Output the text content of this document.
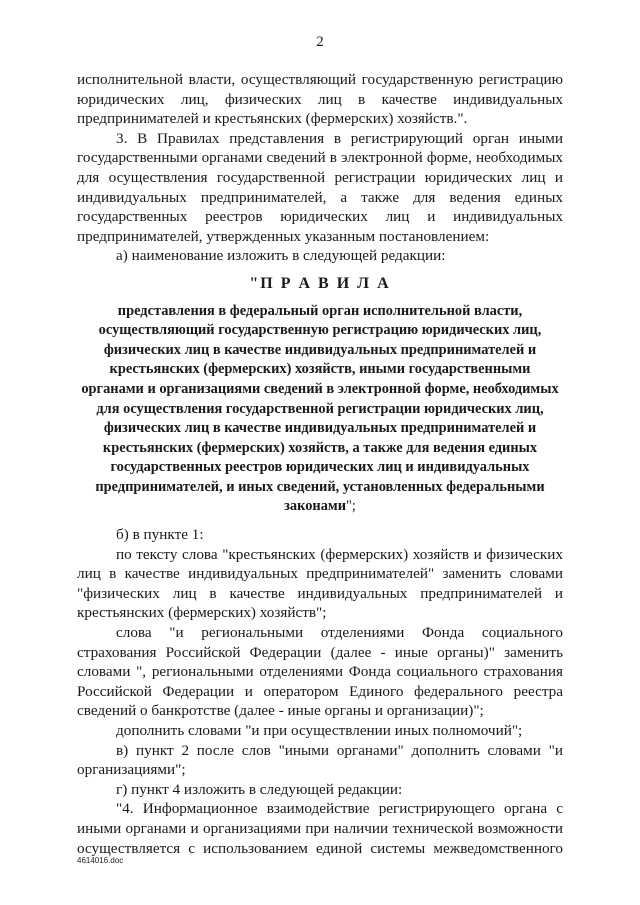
2

исполнительной власти, осуществляющий государственную регистрацию юридических лиц, физических лиц в качестве индивидуальных предпринимателей и крестьянских (фермерских) хозяйств.".

3. В Правилах представления в регистрирующий орган иными государственными органами сведений в электронной форме, необходимых для осуществления государственной регистрации юридических лиц и индивидуальных предпринимателей, а также для ведения единых государственных реестров юридических лиц и индивидуальных предпринимателей, утвержденных указанным постановлением:

а) наименование изложить в следующей редакции:

"П Р А В И Л А
представления в федеральный орган исполнительной власти, осуществляющий государственную регистрацию юридических лиц, физических лиц в качестве индивидуальных предпринимателей и крестьянских (фермерских) хозяйств, иными государственными органами и организациями сведений в электронной форме, необходимых для осуществления государственной регистрации юридических лиц, физических лиц в качестве индивидуальных предпринимателей и крестьянских (фермерских) хозяйств, а также для ведения единых государственных реестров юридических лиц и индивидуальных предпринимателей, и иных сведений, установленных федеральными законами";

б) в пункте 1:

по тексту слова "крестьянских (фермерских) хозяйств и физических лиц в качестве индивидуальных предпринимателей" заменить словами "физических лиц в качестве индивидуальных предпринимателей и крестьянских (фермерских) хозяйств";

слова "и региональными отделениями Фонда социального страхования Российской Федерации (далее - иные органы)" заменить словами ", региональными отделениями Фонда социального страхования Российской Федерации и оператором Единого федерального реестра сведений о банкротстве (далее - иные органы и организации)";

дополнить словами "и при осуществлении иных полномочий";

в) пункт 2 после слов "иными органами" дополнить словами "и организациями";

г) пункт 4 изложить в следующей редакции:

"4. Информационное взаимодействие регистрирующего органа с иными органами и организациями при наличии технической возможности осуществляется с использованием единой системы межведомственного

4614016.doc
